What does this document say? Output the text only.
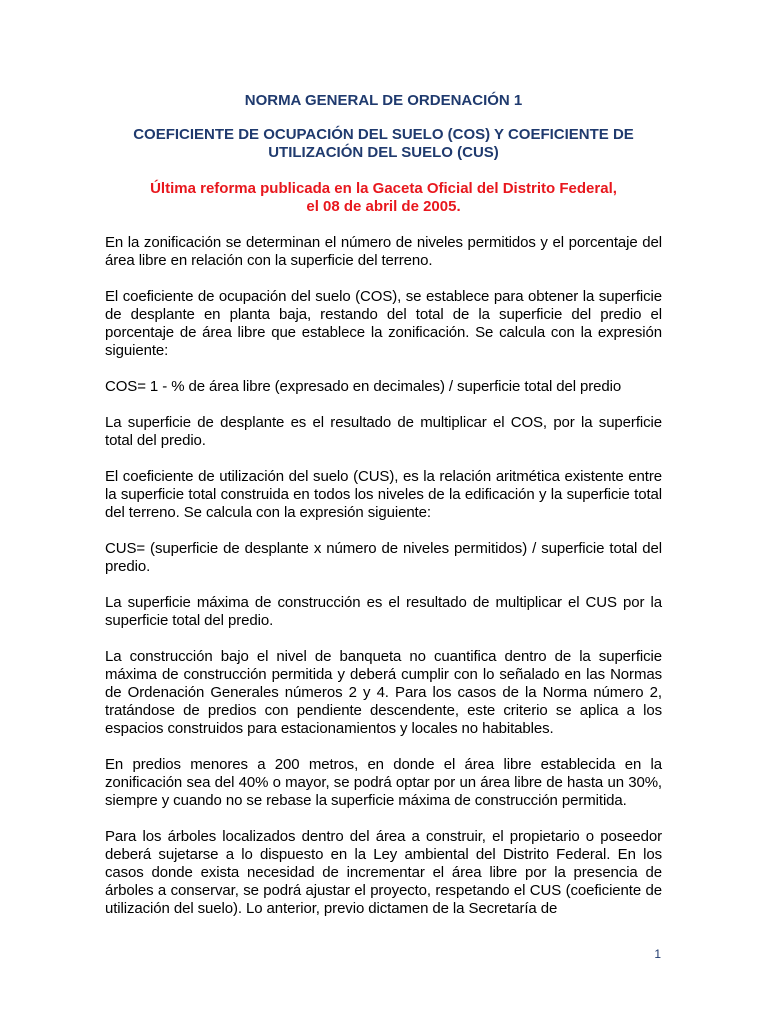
NORMA GENERAL DE ORDENACIÓN 1

COEFICIENTE DE OCUPACIÓN DEL SUELO (COS) Y COEFICIENTE DE UTILIZACIÓN DEL SUELO (CUS)

Última reforma publicada en la Gaceta Oficial del Distrito Federal,
el 08 de abril de 2005.

En la zonificación se determinan el número de niveles permitidos y el porcentaje del área libre en relación con la superficie del terreno.

El coeficiente de ocupación del suelo (COS), se establece para obtener la superficie de desplante en planta baja, restando del total de la superficie del predio el porcentaje de área libre que establece la zonificación. Se calcula con la expresión siguiente:

COS= 1 - % de área libre (expresado en decimales) / superficie total del predio

La superficie de desplante es el resultado de multiplicar el COS, por la superficie total del predio.

El coeficiente de utilización del suelo (CUS), es la relación aritmética existente entre la superficie total construida en todos los niveles de la edificación y la superficie total del terreno. Se calcula con la expresión siguiente:

CUS= (superficie de desplante x número de niveles permitidos) / superficie total del predio.

La superficie máxima de construcción es el resultado de multiplicar el CUS por la superficie total del predio.

La construcción bajo el nivel de banqueta no cuantifica dentro de la superficie máxima de construcción permitida y deberá cumplir con lo señalado en las Normas de Ordenación Generales números 2 y 4. Para los casos de la Norma número 2, tratándose de predios con pendiente descendente, este criterio se aplica a los espacios construidos para estacionamientos y locales no habitables.

En predios menores a 200 metros, en donde el área libre establecida en la zonificación sea del 40% o mayor, se podrá optar por un área libre de hasta un 30%, siempre y cuando no se rebase la superficie máxima de construcción permitida.

Para los árboles localizados dentro del área a construir, el propietario o poseedor deberá sujetarse a lo dispuesto en la Ley ambiental del Distrito Federal. En los casos donde exista necesidad de incrementar el área libre por la presencia de árboles a conservar, se podrá ajustar el proyecto, respetando el CUS (coeficiente de utilización del suelo). Lo anterior, previo dictamen de la Secretaría de

1
